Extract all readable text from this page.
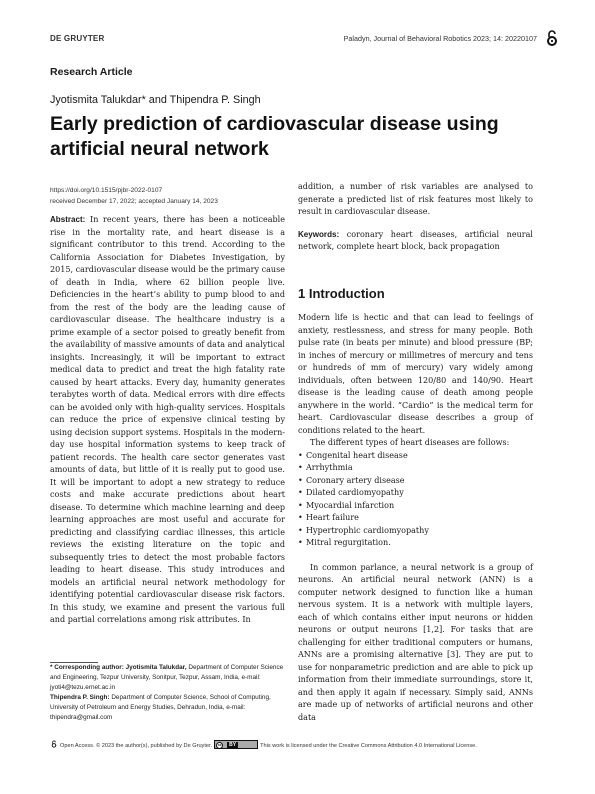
DE GRUYTER	Paladyn, Journal of Behavioral Robotics 2023; 14: 20220107
Research Article
Jyotismita Talukdar* and Thipendra P. Singh
Early prediction of cardiovascular disease using artificial neural network
https://doi.org/10.1515/pjbr-2022-0107
received December 17, 2022; accepted January 14, 2023
Abstract: In recent years, there has been a noticeable rise in the mortality rate, and heart disease is a significant contributor to this trend. According to the California Association for Diabetes Investigation, by 2015, cardiovascular disease would be the primary cause of death in India, where 62 billion people live. Deficiencies in the heart’s ability to pump blood to and from the rest of the body are the leading cause of cardiovascular disease. The healthcare industry is a prime example of a sector poised to greatly benefit from the availability of massive amounts of data and analytical insights. Increasingly, it will be important to extract medical data to predict and treat the high fatality rate caused by heart attacks. Every day, humanity generates terabytes worth of data. Medical errors with dire effects can be avoided only with high-quality services. Hospitals can reduce the price of expensive clinical testing by using decision support systems. Hospitals in the modern-day use hospital information systems to keep track of patient records. The health care sector generates vast amounts of data, but little of it is really put to good use. It will be important to adopt a new strategy to reduce costs and make accurate predictions about heart disease. To determine which machine learning and deep learning approaches are most useful and accurate for predicting and classifying cardiac illnesses, this article reviews the existing literature on the topic and subsequently tries to detect the most probable factors leading to heart disease. This study introduces and models an artificial neural network methodology for identifying potential cardiovascular disease risk factors. In this study, we examine and present the various full and partial correlations among risk attributes. In

addition, a number of risk variables are analysed to generate a predicted list of risk features most likely to result in cardiovascular disease.

Keywords: coronary heart diseases, artificial neural network, complete heart block, back propagation

1 Introduction

Modern life is hectic and that can lead to feelings of anxiety, restlessness, and stress for many people. Both pulse rate (in beats per minute) and blood pressure (BP; in inches of mercury or millimetres of mercury and tens or hundreds of mm of mercury) vary widely among individuals, often between 120/80 and 140/90. Heart disease is the leading cause of death among people anywhere in the world. “Cardio” is the medical term for heart. Cardiovascular disease describes a group of conditions related to the heart.

The different types of heart diseases are follows:

• Congenital heart disease
• Arrhythmia
• Coronary artery disease
• Dilated cardiomyopathy
• Myocardial infarction
• Heart failure
• Hypertrophic cardiomyopathy
• Mitral regurgitation.

In common parlance, a neural network is a group of neurons. An artificial neural network (ANN) is a computer network designed to function like a human nervous system. It is a network with multiple layers, each of which contains either input neurons or hidden neurons or output neurons [1,2]. For tasks that are challenging for either traditional computers or humans, ANNs are a promising alternative [3]. They are put to use for nonparametric prediction and are able to pick up information from their immediate surroundings, store it, and then apply it again if necessary. Simply said, ANNs are made up of networks of artificial neurons and other data

* Corresponding author: Jyotismita Talukdar, Department of Computer Science and Engineering, Tezpur University, Sonitpur, Tezpur, Assam, India, e-mail: jyoti4@tezu.ernet.ac.in

Thipendra P. Singh: Department of Computer Science, School of Computing, University of Petroleum and Energy Studies, Dehradun, India, e-mail: thipendra@gmail.com

Open Access. © 2023 the author(s), published by De Gruyter.	cc	BY	This work is licensed under the Creative Commons Attribution 4.0 International License.
